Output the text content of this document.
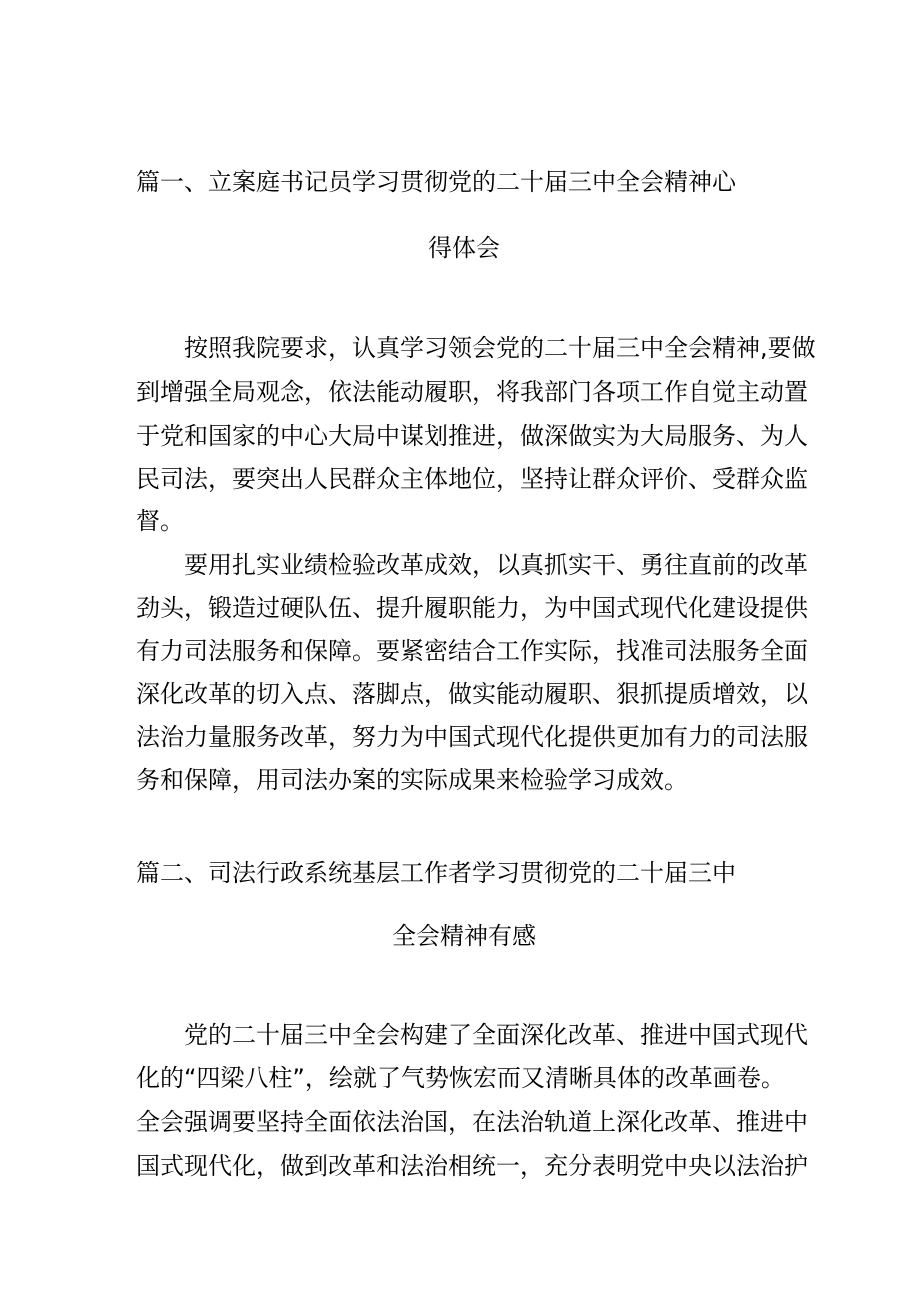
篇一、立案庭书记员学习贯彻党的二十届三中全会精神心
得体会
按照我院要求，认真学习领会党的二十届三中全会精神,要做
到增强全局观念，依法能动履职，将我部门各项工作自觉主动置
于党和国家的中心大局中谋划推进，做深做实为大局服务、为人
民司法，要突出人民群众主体地位，坚持让群众评价、受群众监
督。
要用扎实业绩检验改革成效，以真抓实干、勇往直前的改革
劲头，锻造过硬队伍、提升履职能力，为中国式现代化建设提供
有力司法服务和保障。要紧密结合工作实际，找准司法服务全面
深化改革的切入点、落脚点，做实能动履职、狠抓提质增效，以
法治力量服务改革，努力为中国式现代化提供更加有力的司法服
务和保障，用司法办案的实际成果来检验学习成效。
篇二、司法行政系统基层工作者学习贯彻党的二十届三中
全会精神有感
党的二十届三中全会构建了全面深化改革、推进中国式现代
化的“四梁八柱”，绘就了气势恢宏而又清晰具体的改革画卷。
全会强调要坚持全面依法治国，在法治轨道上深化改革、推进中
国式现代化，做到改革和法治相统一，充分表明党中央以法治护
